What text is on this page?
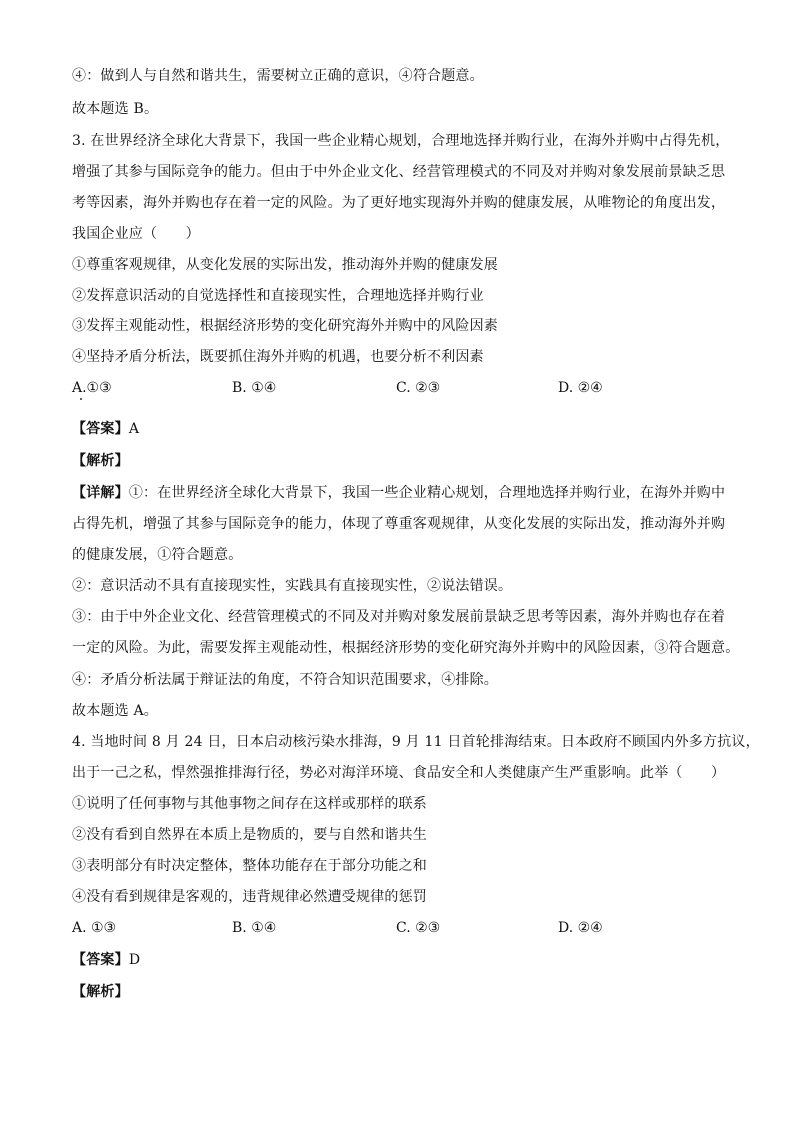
④：做到人与自然和谐共生，需要树立正确的意识，④符合题意。
故本题选 B。
3. 在世界经济全球化大背景下，我国一些企业精心规划，合理地选择并购行业，在海外并购中占得先机，
增强了其参与国际竞争的能力。但由于中外企业文化、经营管理模式的不同及对并购对象发展前景缺乏思
考等因素，海外并购也存在着一定的风险。为了更好地实现海外并购的健康发展，从唯物论的角度出发，
我国企业应（　　）
①尊重客观规律，从变化发展的实际出发，推动海外并购的健康发展
②发挥意识活动的自觉选择性和直接现实性，合理地选择并购行业
③发挥主观能动性，根据经济形势的变化研究海外并购中的风险因素
④坚持矛盾分析法，既要抓住海外并购的机遇，也要分析不利因素
A.①③	B. ①④	C. ②③	D. ②④
【答案】A
【解析】
【详解】①：在世界经济全球化大背景下，我国一些企业精心规划，合理地选择并购行业，在海外并购中
占得先机，增强了其参与国际竞争的能力，体现了尊重客观规律，从变化发展的实际出发，推动海外并购
的健康发展，①符合题意。
②：意识活动不具有直接现实性，实践具有直接现实性，②说法错误。
③：由于中外企业文化、经营管理模式的不同及对并购对象发展前景缺乏思考等因素，海外并购也存在着
一定的风险。为此，需要发挥主观能动性，根据经济形势的变化研究海外并购中的风险因素，③符合题意。
④：矛盾分析法属于辩证法的角度，不符合知识范围要求，④排除。
故本题选 A。
4. 当地时间 8 月 24 日，日本启动核污染水排海，9 月 11 日首轮排海结束。日本政府不顾国内外多方抗议，
出于一己之私，悍然强推排海行径，势必对海洋环境、食品安全和人类健康产生严重影响。此举（　　）
①说明了任何事物与其他事物之间存在这样或那样的联系
②没有看到自然界在本质上是物质的，要与自然和谐共生
③表明部分有时决定整体，整体功能存在于部分功能之和
④没有看到规律是客观的，违背规律必然遭受规律的惩罚
A. ①③	B. ①④	C. ②③	D. ②④
【答案】D
【解析】
